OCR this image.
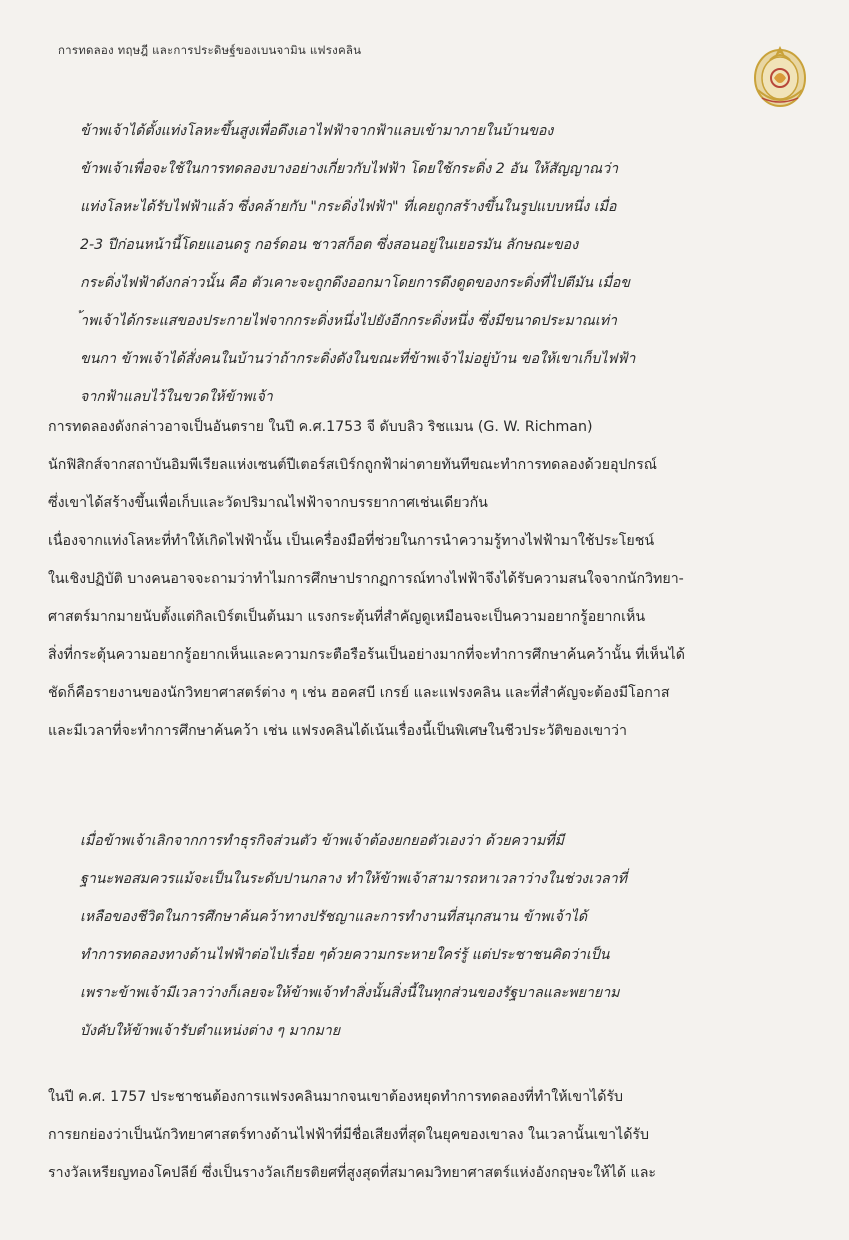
การทดลอง ทฤษฎี และการประดิษฐ์ของเบนจามิน แฟรงคลิน
ข้าพเจ้าได้ตั้งแท่งโลหะขึ้นสูงเพื่อดึงเอาไฟฟ้าจากฟ้าแลบเข้ามาภายในบ้านของ
ข้าพเจ้าเพื่อจะใช้ในการทดลองบางอย่างเกี่ยวกับไฟฟ้า โดยใช้กระดิ่ง 2 อัน ให้สัญญาณว่า
แท่งโลหะได้รับไฟฟ้าแล้ว ซึ่งคล้ายกับ "กระดิ่งไฟฟ้า" ที่เคยถูกสร้างขึ้นในรูปแบบหนึ่ง เมื่อ
2-3 ปีก่อนหน้านี้โดยแอนดรู กอร์ดอน ชาวสก็อต ซึ่งสอนอยู่ในเยอรมัน ลักษณะของ
กระดิ่งไฟฟ้าดังกล่าวนั้น คือ ตัวเคาะจะถูกดึงออกมาโดยการดึงดูดของกระดิ่งที่ไปตีมัน เมื่อข
้าพเจ้าได้กระแสของประกายไฟจากกระดิ่งหนึ่งไปยังอีกกระดิ่งหนึ่ง ซึ่งมีขนาดประมาณเท่า
ขนกา ข้าพเจ้าได้สั่งคนในบ้านว่าถ้ากระดิ่งดังในขณะที่ข้าพเจ้าไม่อยู่บ้าน ขอให้เขาเก็บไฟฟ้า
จากฟ้าแลบไว้ในขวดให้ข้าพเจ้า
การทดลองดังกล่าวอาจเป็นอันตราย ในปี ค.ศ.1753 จี ดับบลิว ริชแมน (G. W. Richman)
นักฟิสิกส์จากสถาบันอิมพีเรียลแห่งเซนต์ปีเตอร์สเบิร์กถูกฟ้าผ่าตายทันทีขณะทำการทดลองด้วยอุปกรณ์
ซึ่งเขาได้สร้างขึ้นเพื่อเก็บและวัดปริมาณไฟฟ้าจากบรรยากาศเช่นเดียวกัน
เนื่องจากแท่งโลหะที่ทำให้เกิดไฟฟ้านั้น เป็นเครื่องมือที่ช่วยในการนำความรู้ทางไฟฟ้ามาใช้ประโยชน์
ในเชิงปฏิบัติ บางคนอาจจะถามว่าทำไมการศึกษาปรากฏการณ์ทางไฟฟ้าจึงได้รับความสนใจจากนักวิทยา-
ศาสตร์มากมายนับตั้งแต่กิลเบิร์ตเป็นต้นมา แรงกระตุ้นที่สำคัญดูเหมือนจะเป็นความอยากรู้อยากเห็น
สิ่งที่กระตุ้นความอยากรู้อยากเห็นและความกระตือรือร้นเป็นอย่างมากที่จะทำการศึกษาค้นคว้านั้น ที่เห็นได้
ชัดก็คือรายงานของนักวิทยาศาสตร์ต่าง ๆ เช่น ฮอคสบี เกรย์ และแฟรงคลิน และที่สำคัญจะต้องมีโอกาส
และมีเวลาที่จะทำการศึกษาค้นคว้า เช่น แฟรงคลินได้เน้นเรื่องนี้เป็นพิเศษในชีวประวัติของเขาว่า
เมื่อข้าพเจ้าเลิกจากการทำธุรกิจส่วนตัว ข้าพเจ้าต้องยกยอตัวเองว่า ด้วยความที่มี
ฐานะพอสมควรแม้จะเป็นในระดับปานกลาง ทำให้ข้าพเจ้าสามารถหาเวลาว่างในช่วงเวลาที่
เหลือของชีวิตในการศึกษาค้นคว้าทางปรัชญาและการทำงานที่สนุกสนาน ข้าพเจ้าได้
ทำการทดลองทางด้านไฟฟ้าต่อไปเรื่อย ๆด้วยความกระหายใคร่รู้ แต่ประชาชนคิดว่าเป็น
เพราะข้าพเจ้ามีเวลาว่างก็เลยจะให้ข้าพเจ้าทำสิ่งนั้นสิ่งนี้ในทุกส่วนของรัฐบาลและพยายาม
บังคับให้ข้าพเจ้ารับตำแหน่งต่าง ๆ มากมาย
ในปี ค.ศ. 1757 ประชาชนต้องการแฟรงคลินมากจนเขาต้องหยุดทำการทดลองที่ทำให้เขาได้รับ
การยกย่องว่าเป็นนักวิทยาศาสตร์ทางด้านไฟฟ้าที่มีชื่อเสียงที่สุดในยุคของเขาลง ในเวลานั้นเขาได้รับ
รางวัลเหรียญทองโคปลีย์ ซึ่งเป็นรางวัลเกียรติยศที่สูงสุดที่สมาคมวิทยาศาสตร์แห่งอังกฤษจะให้ได้ และ
